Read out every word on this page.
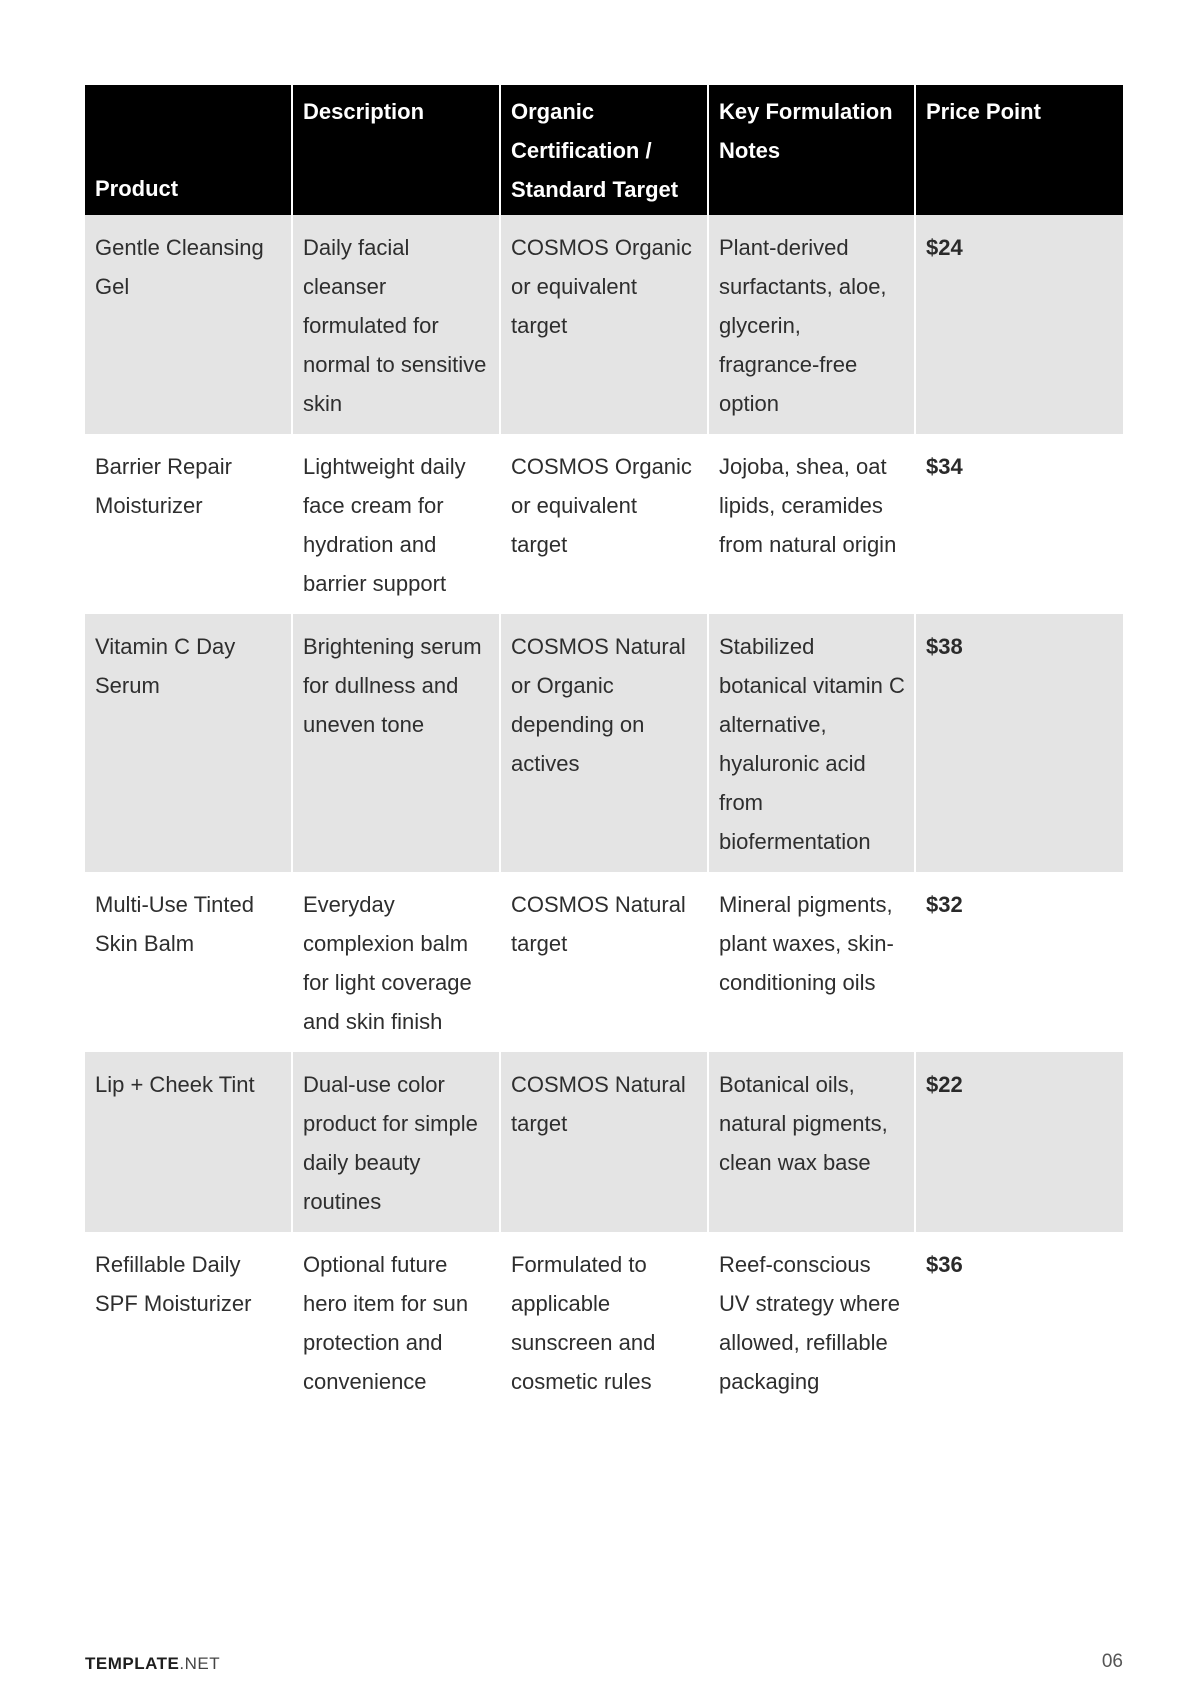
Product	Description	Organic Certification / Standard Target	Key Formulation Notes	Price Point
Gentle Cleansing Gel	Daily facial cleanser formulated for normal to sensitive skin	COSMOS Organic or equivalent target	Plant-derived surfactants, aloe, glycerin, fragrance-free option	$24
Barrier Repair Moisturizer	Lightweight daily face cream for hydration and barrier support	COSMOS Organic or equivalent target	Jojoba, shea, oat lipids, ceramides from natural origin	$34
Vitamin C Day Serum	Brightening serum for dullness and uneven tone	COSMOS Natural or Organic depending on actives	Stabilized botanical vitamin C alternative, hyaluronic acid from biofermentation	$38
Multi-Use Tinted Skin Balm	Everyday complexion balm for light coverage and skin finish	COSMOS Natural target	Mineral pigments, plant waxes, skin-conditioning oils	$32
Lip + Cheek Tint	Dual-use color product for simple daily beauty routines	COSMOS Natural target	Botanical oils, natural pigments, clean wax base	$22
Refillable Daily SPF Moisturizer	Optional future hero item for sun protection and convenience	Formulated to applicable sunscreen and cosmetic rules	Reef-conscious UV strategy where allowed, refillable packaging	$36
TEMPLATE.NET	06
